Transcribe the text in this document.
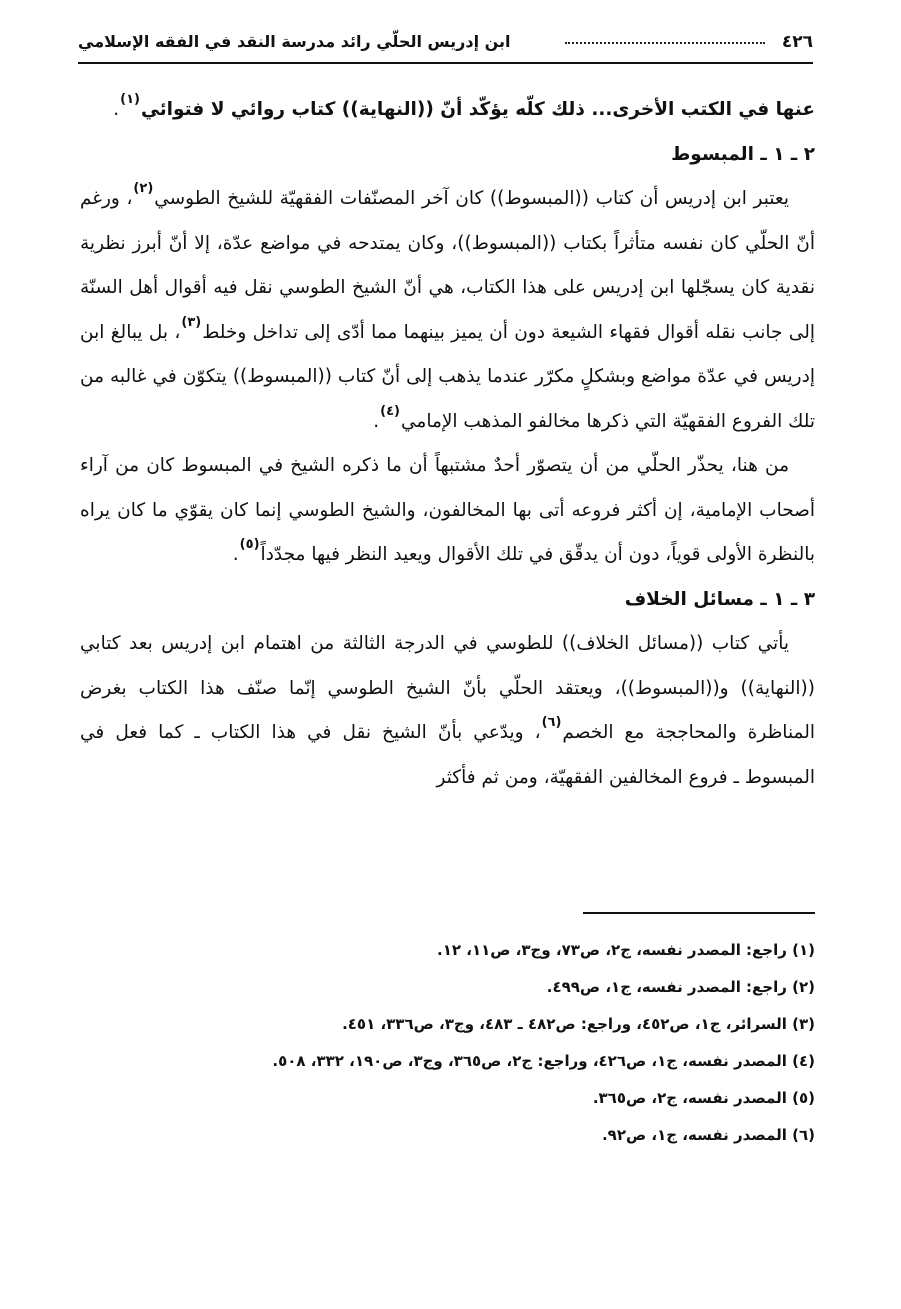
٤٢٦
ابن إدريس الحلّي رائد مدرسة النقد في الفقه الإسلامي

عنها في الكتب الأخرى... ذلك كلّه يؤكّد أنّ ((النهاية)) كتاب روائي لا فتوائي$^{(١)}$.

٢ ـ ١ ـ المبسوط

يعتبر ابن إدريس أن كتاب ((المبسوط)) كان آخر المصنّفات الفقهيّة للشيخ الطوسي$^{(٢)}$، ورغم أنّ الحلّي كان نفسه متأثراً بكتاب ((المبسوط))، وكان يمتدحه في مواضع عدّة، إلا أنّ أبرز نظرية نقدية كان يسجّلها ابن إدريس على هذا الكتاب، هي أنّ الشيخ الطوسي نقل فيه أقوال أهل السنّة إلى جانب نقله أقوال فقهاء الشيعة دون أن يميز بينهما مما أدّى إلى تداخل وخلط$^{(٣)}$، بل يبالغ ابن إدريس في عدّة مواضع وبشكلٍ مكرّر عندما يذهب إلى أنّ كتاب ((المبسوط)) يتكوّن في غالبه من تلك الفروع الفقهيّة التي ذكرها مخالفو المذهب الإمامي$^{(٤)}$.

من هنا، يحذّر الحلّي من أن يتصوّر أحدٌ مشتبهاً أن ما ذكره الشيخ في المبسوط كان من آراء أصحاب الإمامية، إن أكثر فروعه أتى بها المخالفون، والشيخ الطوسي إنما كان يقوّي ما كان يراه بالنظرة الأولى قوياً، دون أن يدقّق في تلك الأقوال ويعيد النظر فيها مجدّداً$^{(٥)}$.

٣ ـ ١ ـ مسائل الخلاف

يأتي كتاب ((مسائل الخلاف)) للطوسي في الدرجة الثالثة من اهتمام ابن إدريس بعد كتابي ((النهاية)) و((المبسوط))، ويعتقد الحلّي بأنّ الشيخ الطوسي إنّما صنّف هذا الكتاب بغرض المناظرة والمحاججة مع الخصم$^{(٦)}$، ويدّعي بأنّ الشيخ نقل في هذا الكتاب ـ كما فعل في المبسوط ـ فروع المخالفين الفقهيّة، ومن ثم فأكثر

(١) راجع: المصدر نفسه، ج٢، ص٧٣، وج٣، ص١١، ١٢.

(٢) راجع: المصدر نفسه، ج١، ص٤٩٩.

(٣) السرائر، ج١، ص٤٥٢، وراجع: ص٤٨٢ ـ ٤٨٣، وج٣، ص٣٣٦، ٤٥١.

(٤) المصدر نفسه، ج١، ص٤٢٦، وراجع: ج٢، ص٣٦٥، وج٣، ص١٩٠، ٣٣٢، ٥٠٨.

(٥) المصدر نفسه، ج٢، ص٣٦٥.

(٦) المصدر نفسه، ج١، ص٩٢.
